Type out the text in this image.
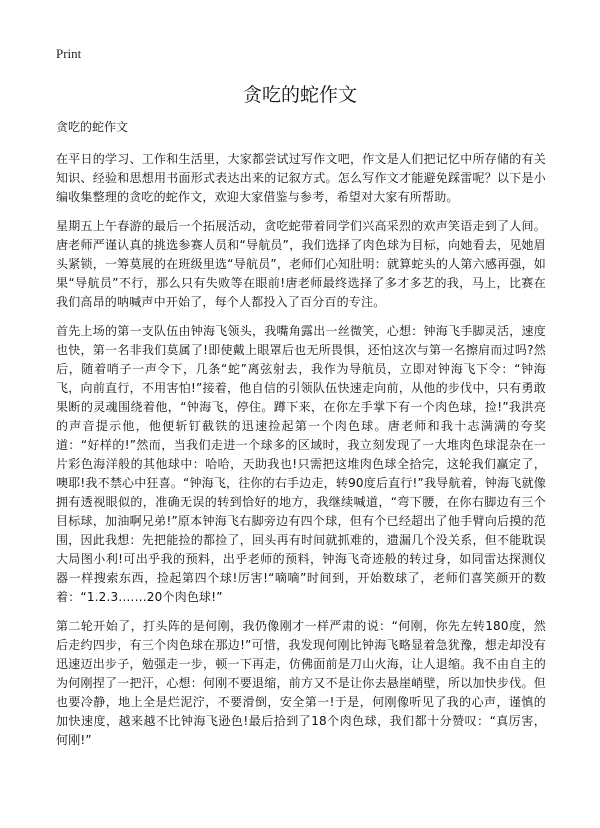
Print
贪吃的蛇作文
贪吃的蛇作文

在平日的学习、工作和生活里，大家都尝试过写作文吧，作文是人们把记忆中所存储的有关知识、经验和思想用书面形式表达出来的记叙方式。怎么写作文才能避免踩雷呢？以下是小编收集整理的贪吃的蛇作文，欢迎大家借鉴与参考，希望对大家有所帮助。

星期五上午春游的最后一个拓展活动，贪吃蛇带着同学们兴高采烈的欢声笑语走到了人间。唐老师严谨认真的挑选参赛人员和“导航员”，我们选择了肉色球为目标，向她看去，见她眉头紧锁，一筹莫展的在班级里选“导航员”，老师们心知肚明：就算蛇头的人第六感再强，如果“导航员”不行，那么只有失败等在眼前!唐老师最终选择了多才多艺的我，马上，比赛在我们高昂的呐喊声中开始了，每个人都投入了百分百的专注。

首先上场的第一支队伍由钟海飞领头，我嘴角露出一丝微笑，心想：钟海飞手脚灵活，速度也快，第一名非我们莫属了!即使戴上眼罩后也无所畏惧，还怕这次与第一名擦肩而过吗?然后，随着哨子一声令下，几条“蛇”离弦射去，我作为导航员，立即对钟海飞下令：“钟海飞，向前直行，不用害怕!”接着，他自信的引领队伍快速走向前，从他的步伐中，只有勇敢果断的灵魂围绕着他，“钟海飞，停住。蹲下来，在你左手掌下有一个肉色球，捡!”我洪亮的声音提示他，他便斩钉截铁的迅速捡起第一个肉色球。唐老师和我十志满满的夸奖道：“好样的!”然而，当我们走进一个球多的区域时，我立刻发现了一大堆肉色球混杂在一片彩色海洋般的其他球中：哈哈，天助我也!只需把这堆肉色球全拾完，这轮我们赢定了，噢耶!我不禁心中狂喜。“钟海飞，往你的右手边走，转90度后直行!”我导航着，钟海飞就像拥有透视眼似的，准确无误的转到恰好的地方，我继续喊道，“弯下腰，在你右脚边有三个目标球，加油啊兄弟!”原本钟海飞右脚旁边有四个球，但有个已经超出了他手臂向后摸的范围，因此我想：先把能捡的都捡了，回头再有时间就抓难的，遗漏几个没关系，但不能耽误大局图小利!可出乎我的预料，出乎老师的预料，钟海飞奇迹般的转过身，如同雷达探测仪器一样搜索东西，捡起第四个球!厉害!“嘀嘀”时间到，开始数球了，老师们喜笑颜开的数着：“1.2.3.……20个肉色球!”

第二轮开始了，打头阵的是何刚，我仍像刚才一样严肃的说：“何刚，你先左转180度，然后走约四步，有三个肉色球在那边!”可惜，我发现何刚比钟海飞略显着急犹豫，想走却没有迅速迈出步子，勉强走一步，顿一下再走，仿佛面前是刀山火海，让人退缩。我不由自主的为何刚捏了一把汗，心想：何刚不要退缩，前方又不是让你去悬崖峭壁，所以加快步伐。但也要冷静，地上全是烂泥泞，不要滑倒，安全第一!于是，何刚像听见了我的心声，谨慎的加快速度，越来越不比钟海飞逊色!最后拾到了18个肉色球，我们都十分赞叹：“真厉害，何刚!”
